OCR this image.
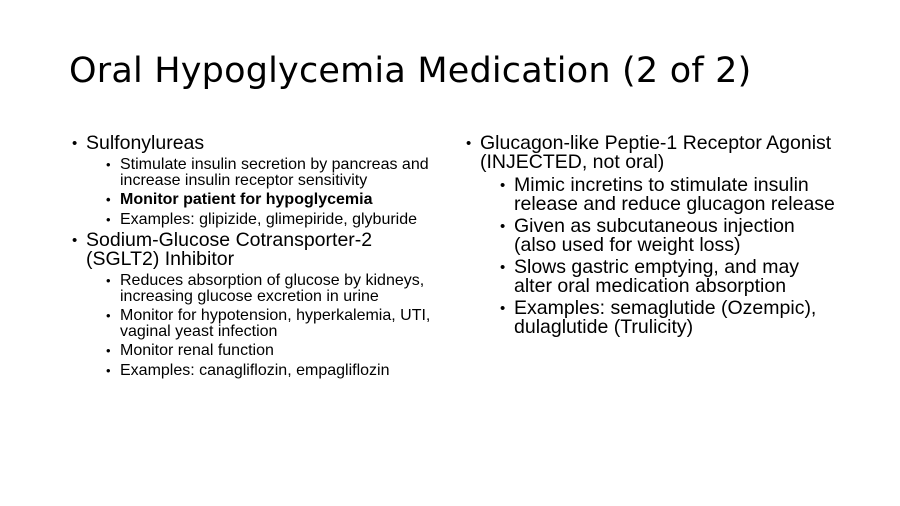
Oral Hypoglycemia Medication (2 of 2)
• Sulfonylureas
• Stimulate insulin secretion by pancreas and increase insulin receptor sensitivity
• Monitor patient for hypoglycemia
• Examples: glipizide, glimepiride, glyburide
• Sodium-Glucose Cotransporter-2 (SGLT2) Inhibitor
• Reduces absorption of glucose by kidneys, increasing glucose excretion in urine
• Monitor for hypotension, hyperkalemia, UTI, vaginal yeast infection
• Monitor renal function
• Examples: canagliflozin, empagliflozin
• Glucagon-like Peptie-1 Receptor Agonist (INJECTED, not oral)
• Mimic incretins to stimulate insulin release and reduce glucagon release
• Given as subcutaneous injection (also used for weight loss)
• Slows gastric emptying, and may alter oral medication absorption
• Examples: semaglutide (Ozempic), dulaglutide (Trulicity)
